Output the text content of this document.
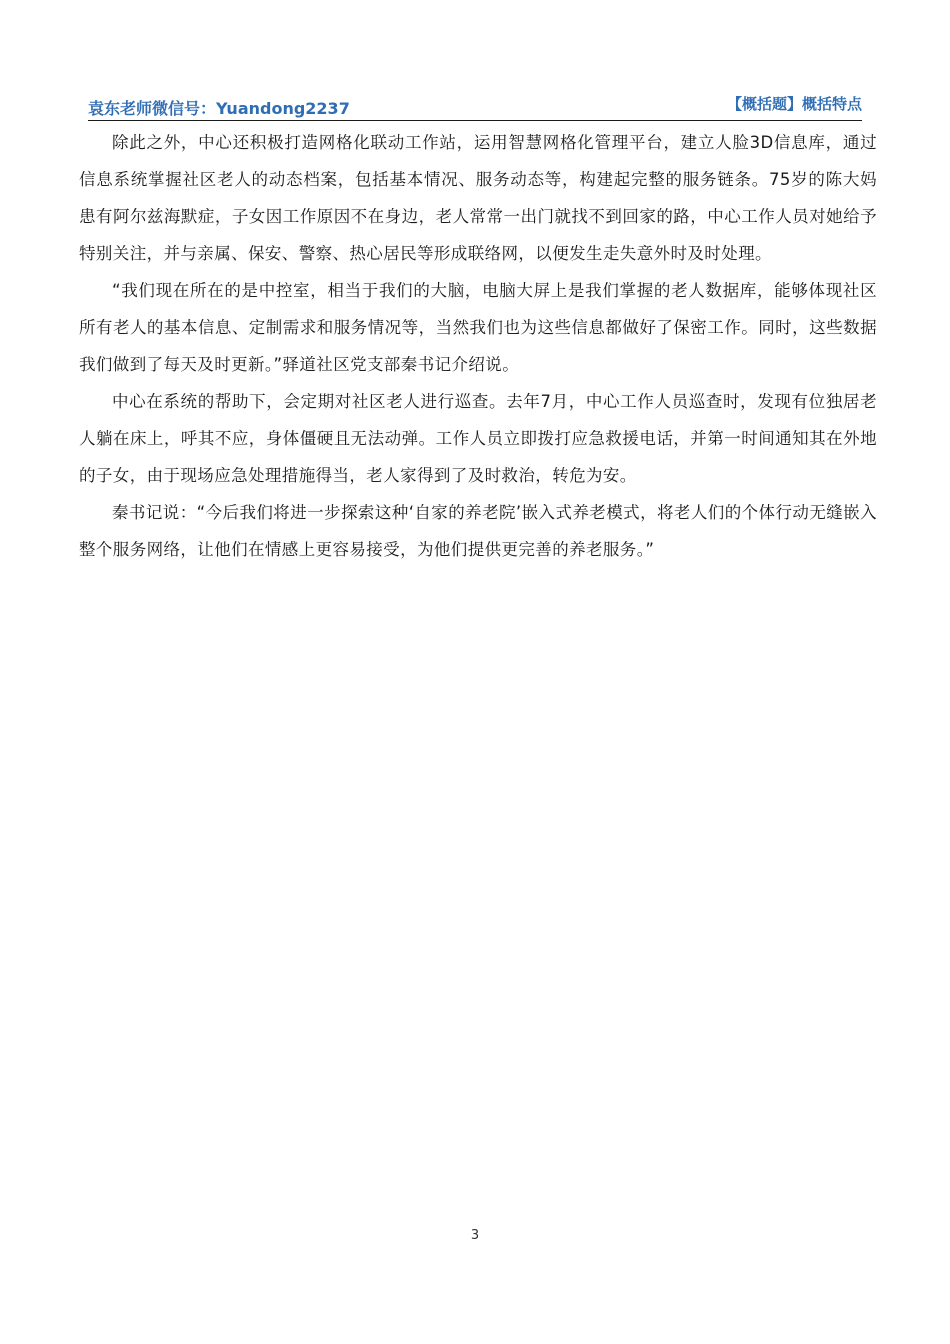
袁东老师微信号：Yuandong2237	【概括题】概括特点

除此之外，中心还积极打造网格化联动工作站，运用智慧网格化管理平台，建立人脸3D信息库，通过信息系统掌握社区老人的动态档案，包括基本情况、服务动态等，构建起完整的服务链条。75岁的陈大妈患有阿尔兹海默症，子女因工作原因不在身边，老人常常一出门就找不到回家的路，中心工作人员对她给予特别关注，并与亲属、保安、警察、热心居民等形成联络网，以便发生走失意外时及时处理。

“我们现在所在的是中控室，相当于我们的大脑，电脑大屏上是我们掌握的老人数据库，能够体现社区所有老人的基本信息、定制需求和服务情况等，当然我们也为这些信息都做好了保密工作。同时，这些数据我们做到了每天及时更新。”驿道社区党支部秦书记介绍说。

中心在系统的帮助下，会定期对社区老人进行巡查。去年7月，中心工作人员巡查时，发现有位独居老人躺在床上，呼其不应，身体僵硬且无法动弹。工作人员立即拨打应急救援电话，并第一时间通知其在外地的子女，由于现场应急处理措施得当，老人家得到了及时救治，转危为安。

秦书记说：“今后我们将进一步探索这种‘自家的养老院’嵌入式养老模式，将老人们的个体行动无缝嵌入整个服务网络，让他们在情感上更容易接受，为他们提供更完善的养老服务。”

3
